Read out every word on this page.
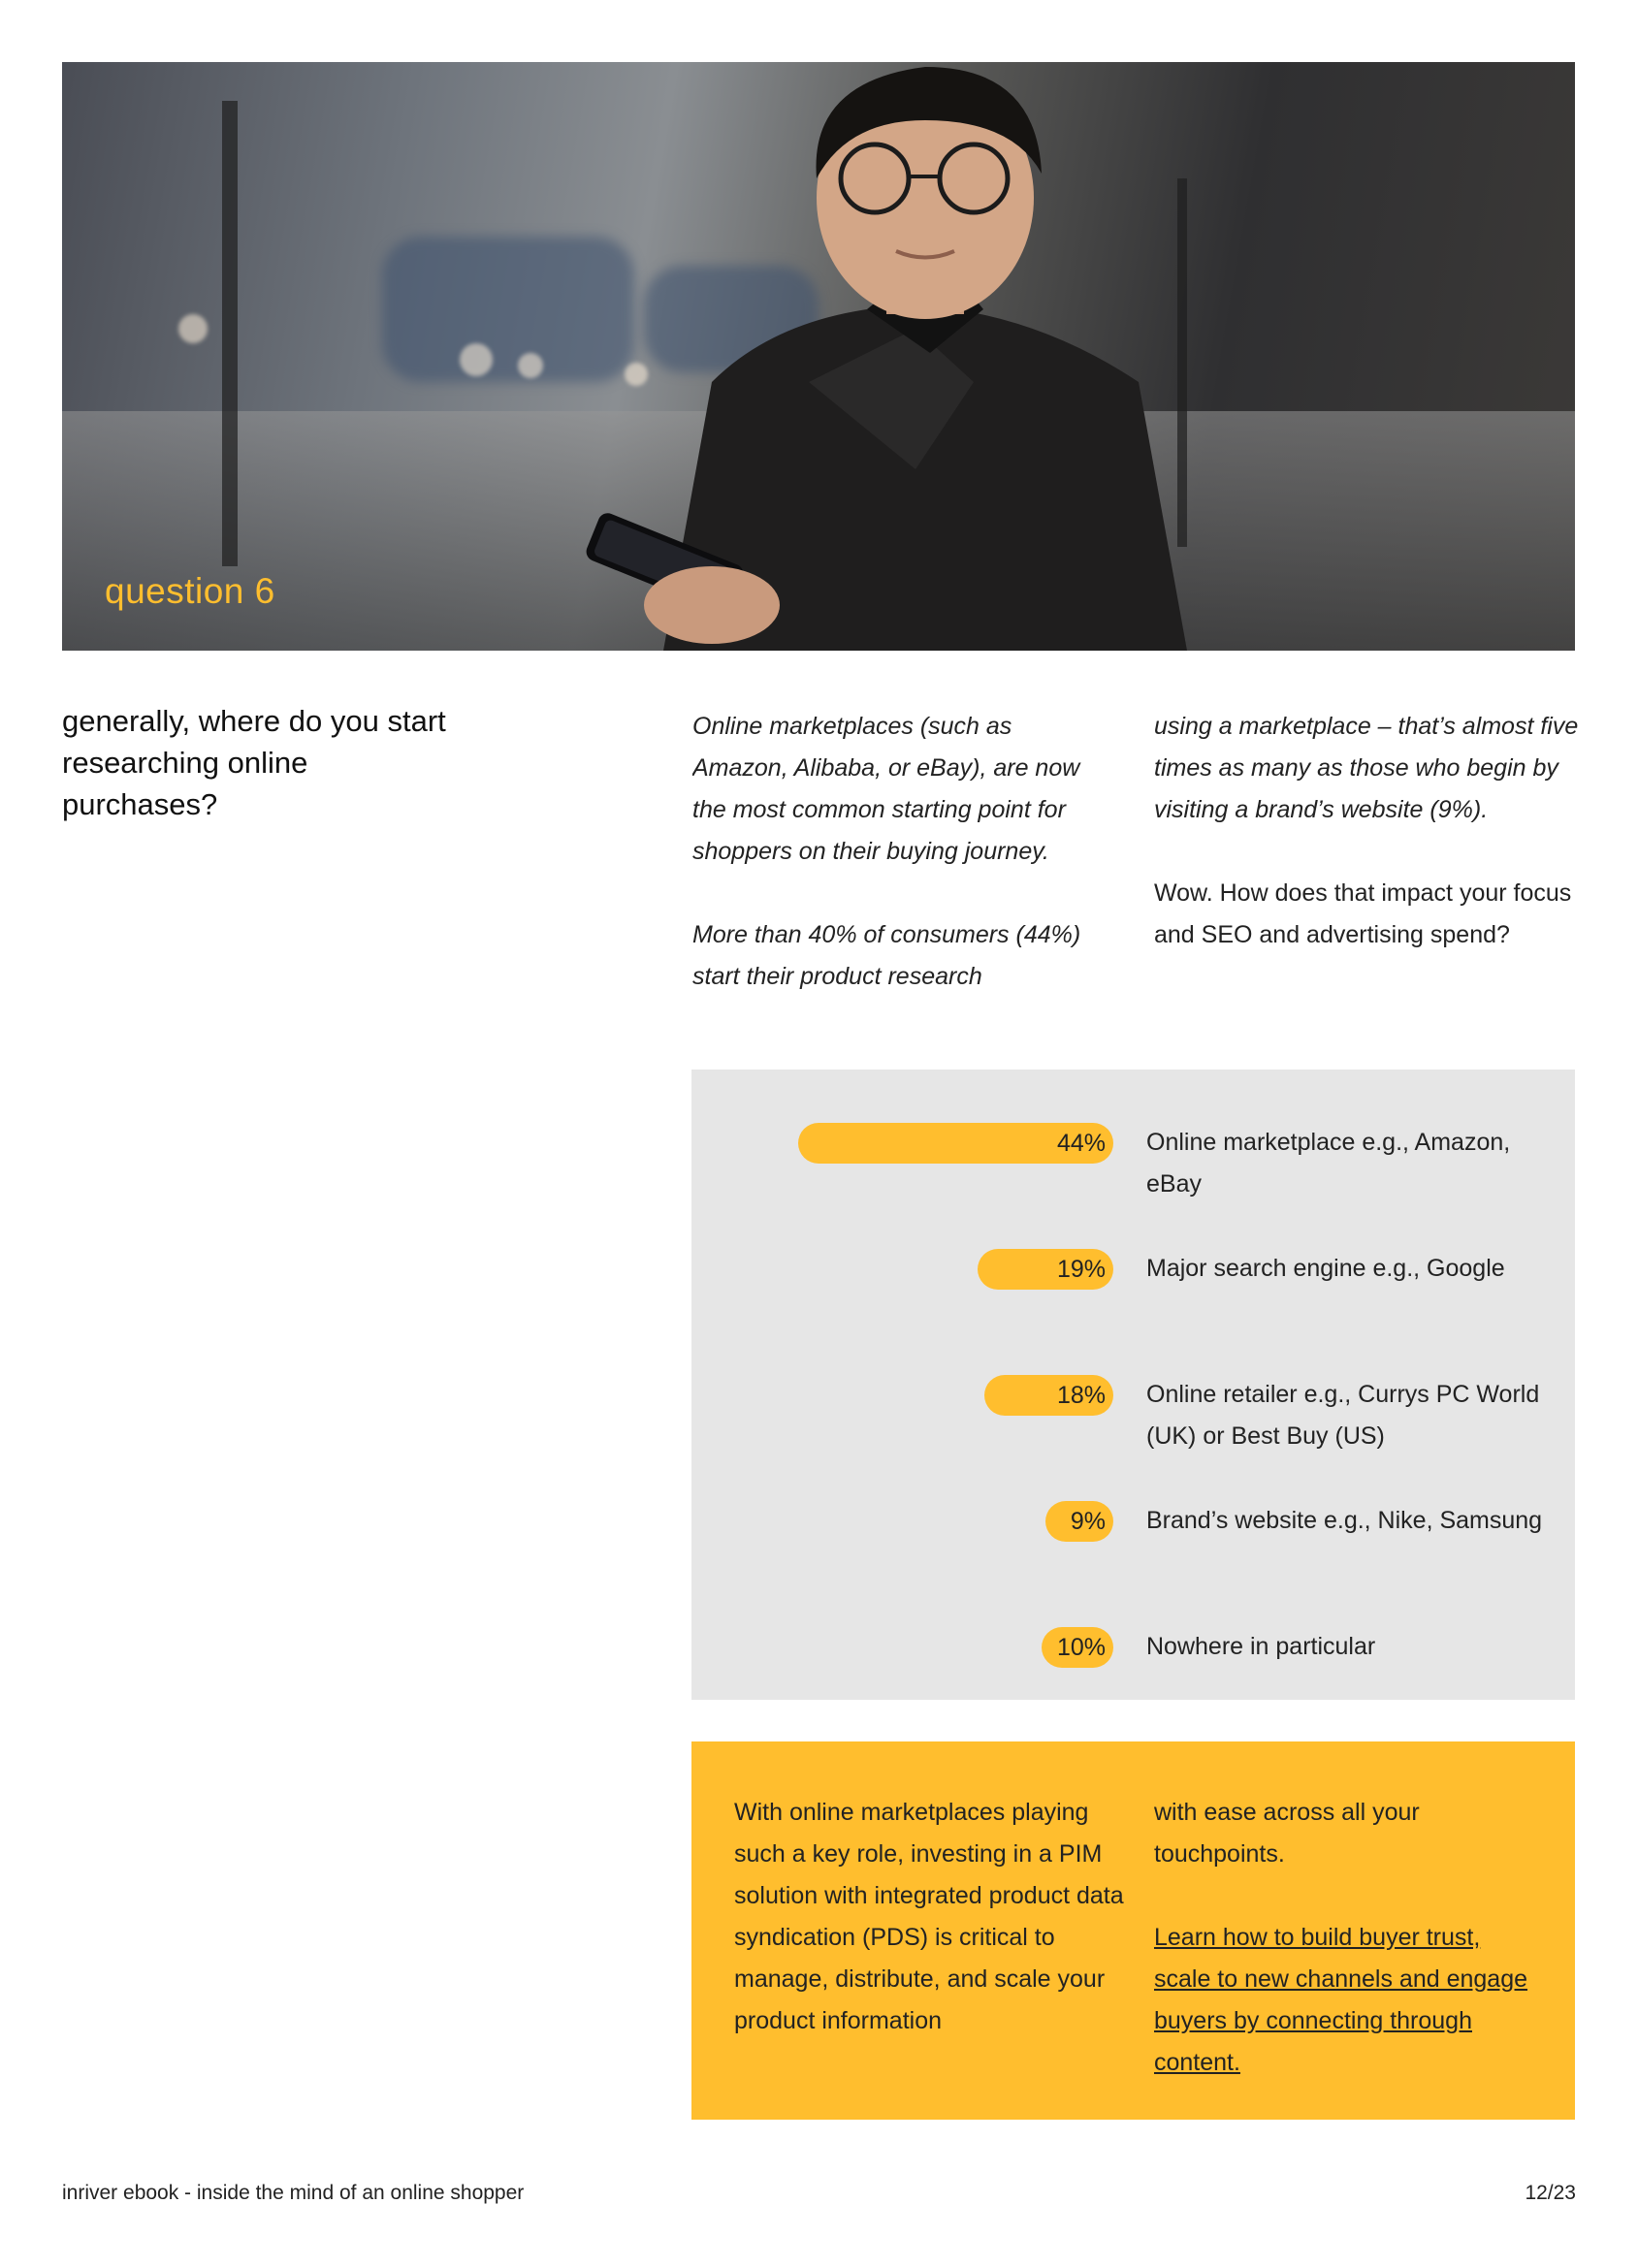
question 6
generally, where do you start researching online purchases?

Online marketplaces (such as Amazon, Alibaba, or eBay), are now the most common starting point for shoppers on their buying journey.

More than 40% of consumers (44%) start their product research

using a marketplace – that’s almost five times as many as those who begin by visiting a brand’s website (9%).

Wow. How does that impact your focus and SEO and advertising spend?

44%	Online marketplace e.g., Amazon, eBay
19%	Major search engine e.g., Google
18%	Online retailer e.g., Currys PC World (UK) or Best Buy (US)
9%	Brand’s website e.g., Nike, Samsung
10%	Nowhere in particular
With online marketplaces playing such a key role, investing in a PIM solution with integrated product data syndication (PDS) is critical to manage, distribute, and scale your product information

with ease across all your touchpoints.

Learn how to build buyer trust, scale to new channels and engage buyers by connecting through content.
inriver ebook - inside the mind of an online shopper	12/23
